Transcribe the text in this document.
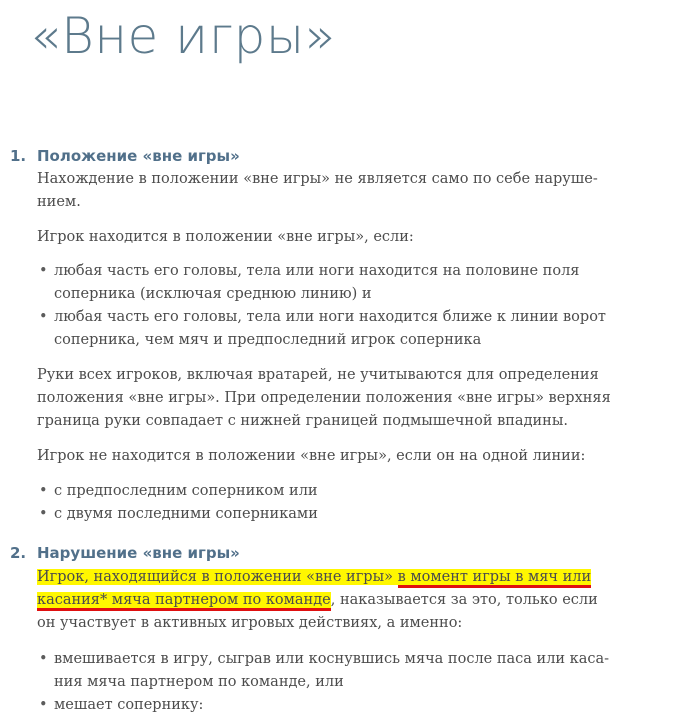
«Вне игры»
1. Положение «вне игры»

Нахождение в положении «вне игры» не является само по себе наруше-
нием.

Игрок находится в положении «вне игры», если:

• любая часть его головы, тела или ноги находится на половине поля
соперника (исключая среднюю линию) и
• любая часть его головы, тела или ноги находится ближе к линии ворот
соперника, чем мяч и предпоследний игрок соперника

Руки всех игроков, включая вратарей, не учитываются для определения
положения «вне игры». При определении положения «вне игры» верхняя
граница руки совпадает с нижней границей подмышечной впадины.

Игрок не находится в положении «вне игры», если он на одной линии:

• с предпоследним соперником или
• с двумя последними соперниками
2. Нарушение «вне игры»

Игрок, находящийся в положении «вне игры» в момент игры в мяч или
касания* мяча партнером по команде, наказывается за это, только если
он участвует в активных игровых действиях, а именно:

• вмешивается в игру, сыграв или коснувшись мяча после паса или каса-
ния мяча партнером по команде, или
• мешает сопернику:
